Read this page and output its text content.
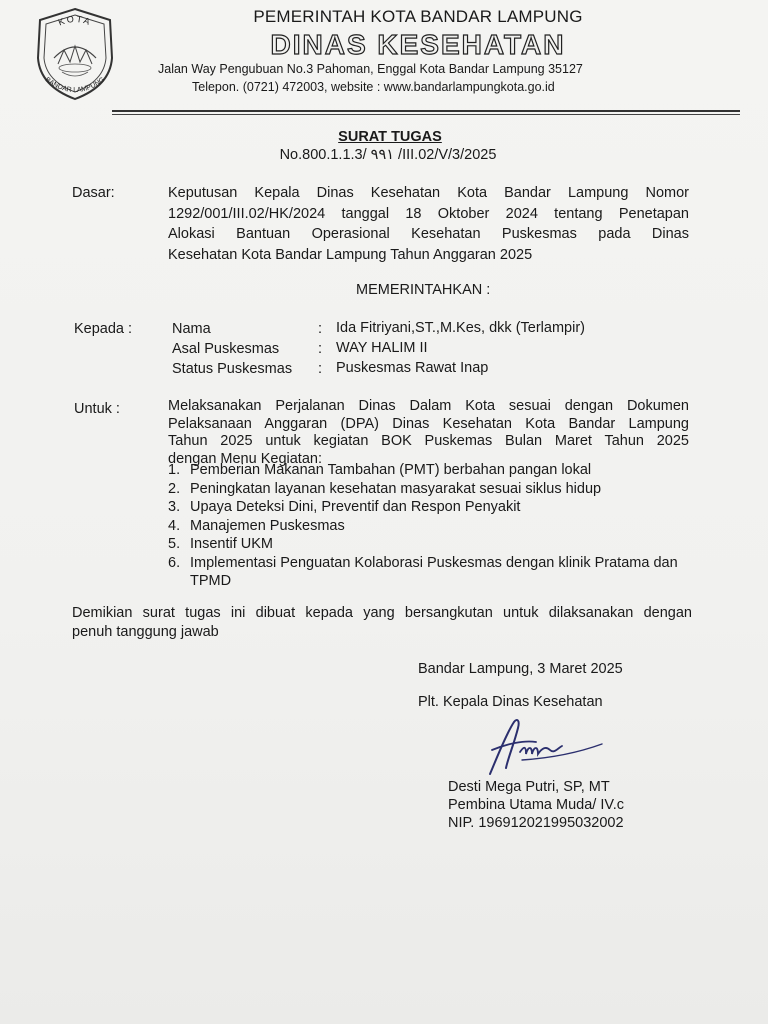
KOTA
BANDAR LAMPUNG
PEMERINTAH KOTA BANDAR LAMPUNG
DINAS KESEHATAN
Jalan Way Pengubuan No.3 Pahoman, Enggal Kota Bandar Lampung 35127
Telepon. (0721) 472003, website : www.bandarlampungkota.go.id
SURAT TUGAS
No.800.1.1.3/ ٩٩١ /III.02/V/3/2025
Dasar:	Keputusan Kepala Dinas Kesehatan Kota Bandar Lampung Nomor
1292/001/III.02/HK/2024 tanggal 18 Oktober 2024 tentang Penetapan
Alokasi Bantuan Operasional Kesehatan Puskesmas pada Dinas
Kesehatan Kota Bandar Lampung Tahun Anggaran 2025
MEMERINTAHKAN :
Kepada :	Nama	: Ida Fitriyani,ST.,M.Kes, dkk (Terlampir)
Asal Puskesmas	: WAY HALIM II
Status Puskesmas : Puskesmas Rawat Inap
Untuk :	Melaksanakan Perjalanan Dinas Dalam Kota sesuai dengan Dokumen
Pelaksanaan Anggaran (DPA) Dinas Kesehatan Kota Bandar Lampung
Tahun 2025 untuk kegiatan BOK Puskemas Bulan Maret Tahun 2025
dengan Menu Kegiatan:
1. Pemberian Makanan Tambahan (PMT) berbahan pangan lokal
2. Peningkatan layanan kesehatan masyarakat sesuai siklus hidup
3. Upaya Deteksi Dini, Preventif dan Respon Penyakit
4. Manajemen Puskesmas
5. Insentif UKM
6. Implementasi Penguatan Kolaborasi Puskesmas dengan klinik Pratama dan TPMD
Demikian surat tugas ini dibuat kepada yang bersangkutan untuk dilaksanakan dengan
penuh tanggung jawab
Bandar Lampung, 3 Maret 2025
Plt. Kepala Dinas Kesehatan
Desti Mega Putri, SP, MT
Pembina Utama Muda/ IV.c
NIP. 196912021995032002
